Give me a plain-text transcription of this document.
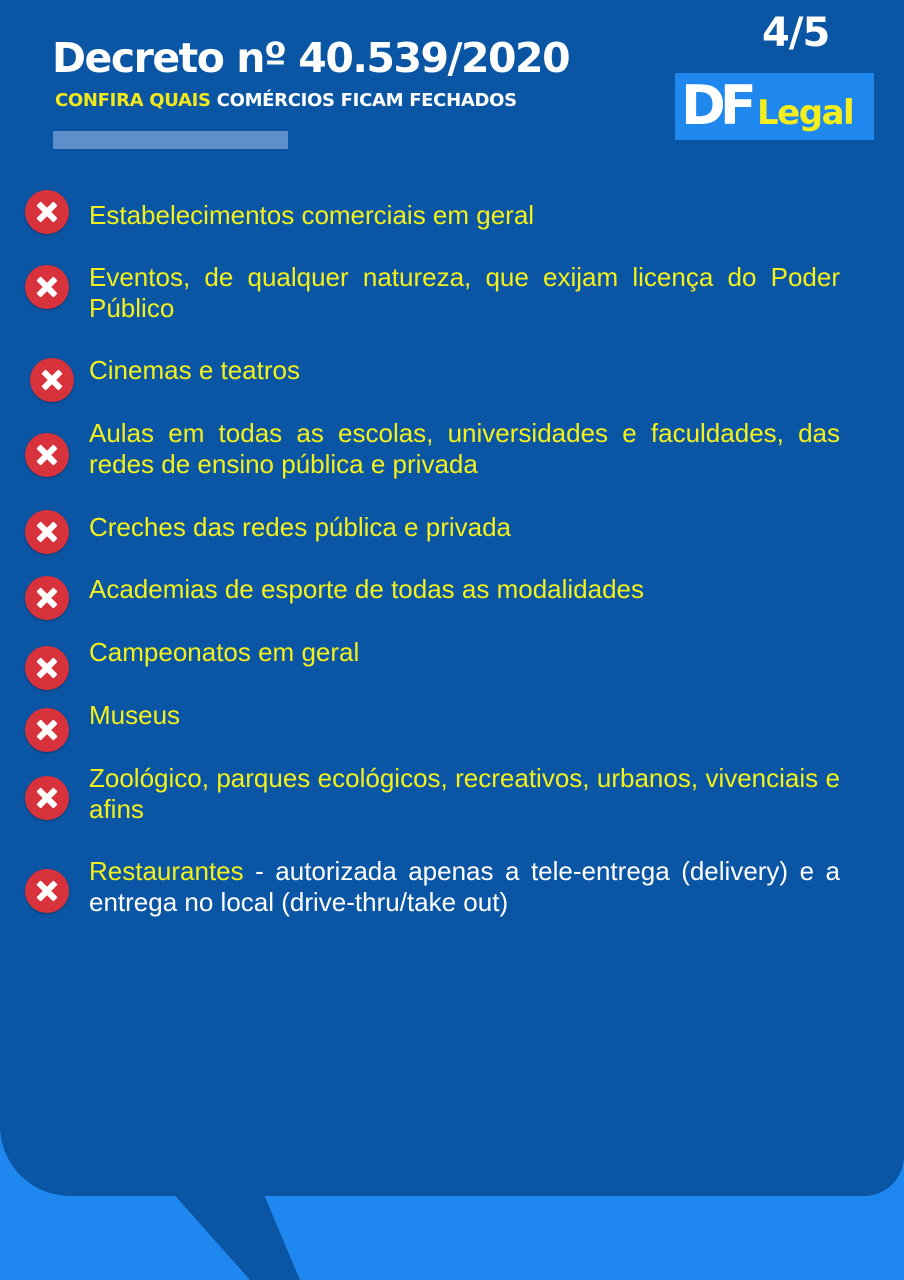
Decreto nº 40.539/2020

CONFIRA QUAIS COMÉRCIOS FICAM FECHADOS

4/5
DF Legal

Estabelecimentos comerciais em geral

Eventos, de qualquer natureza, que exijam licença do Poder Público

Cinemas e teatros

Aulas em todas as escolas, universidades e faculdades, das redes de ensino pública e privada

Creches das redes pública e privada

Academias de esporte de todas as modalidades

Campeonatos em geral

Museus

Zoológico, parques ecológicos, recreativos, urbanos, vivenciais e afins

Restaurantes - autorizada apenas a tele-entrega (delivery) e a entrega no local (drive-thru/take out)
